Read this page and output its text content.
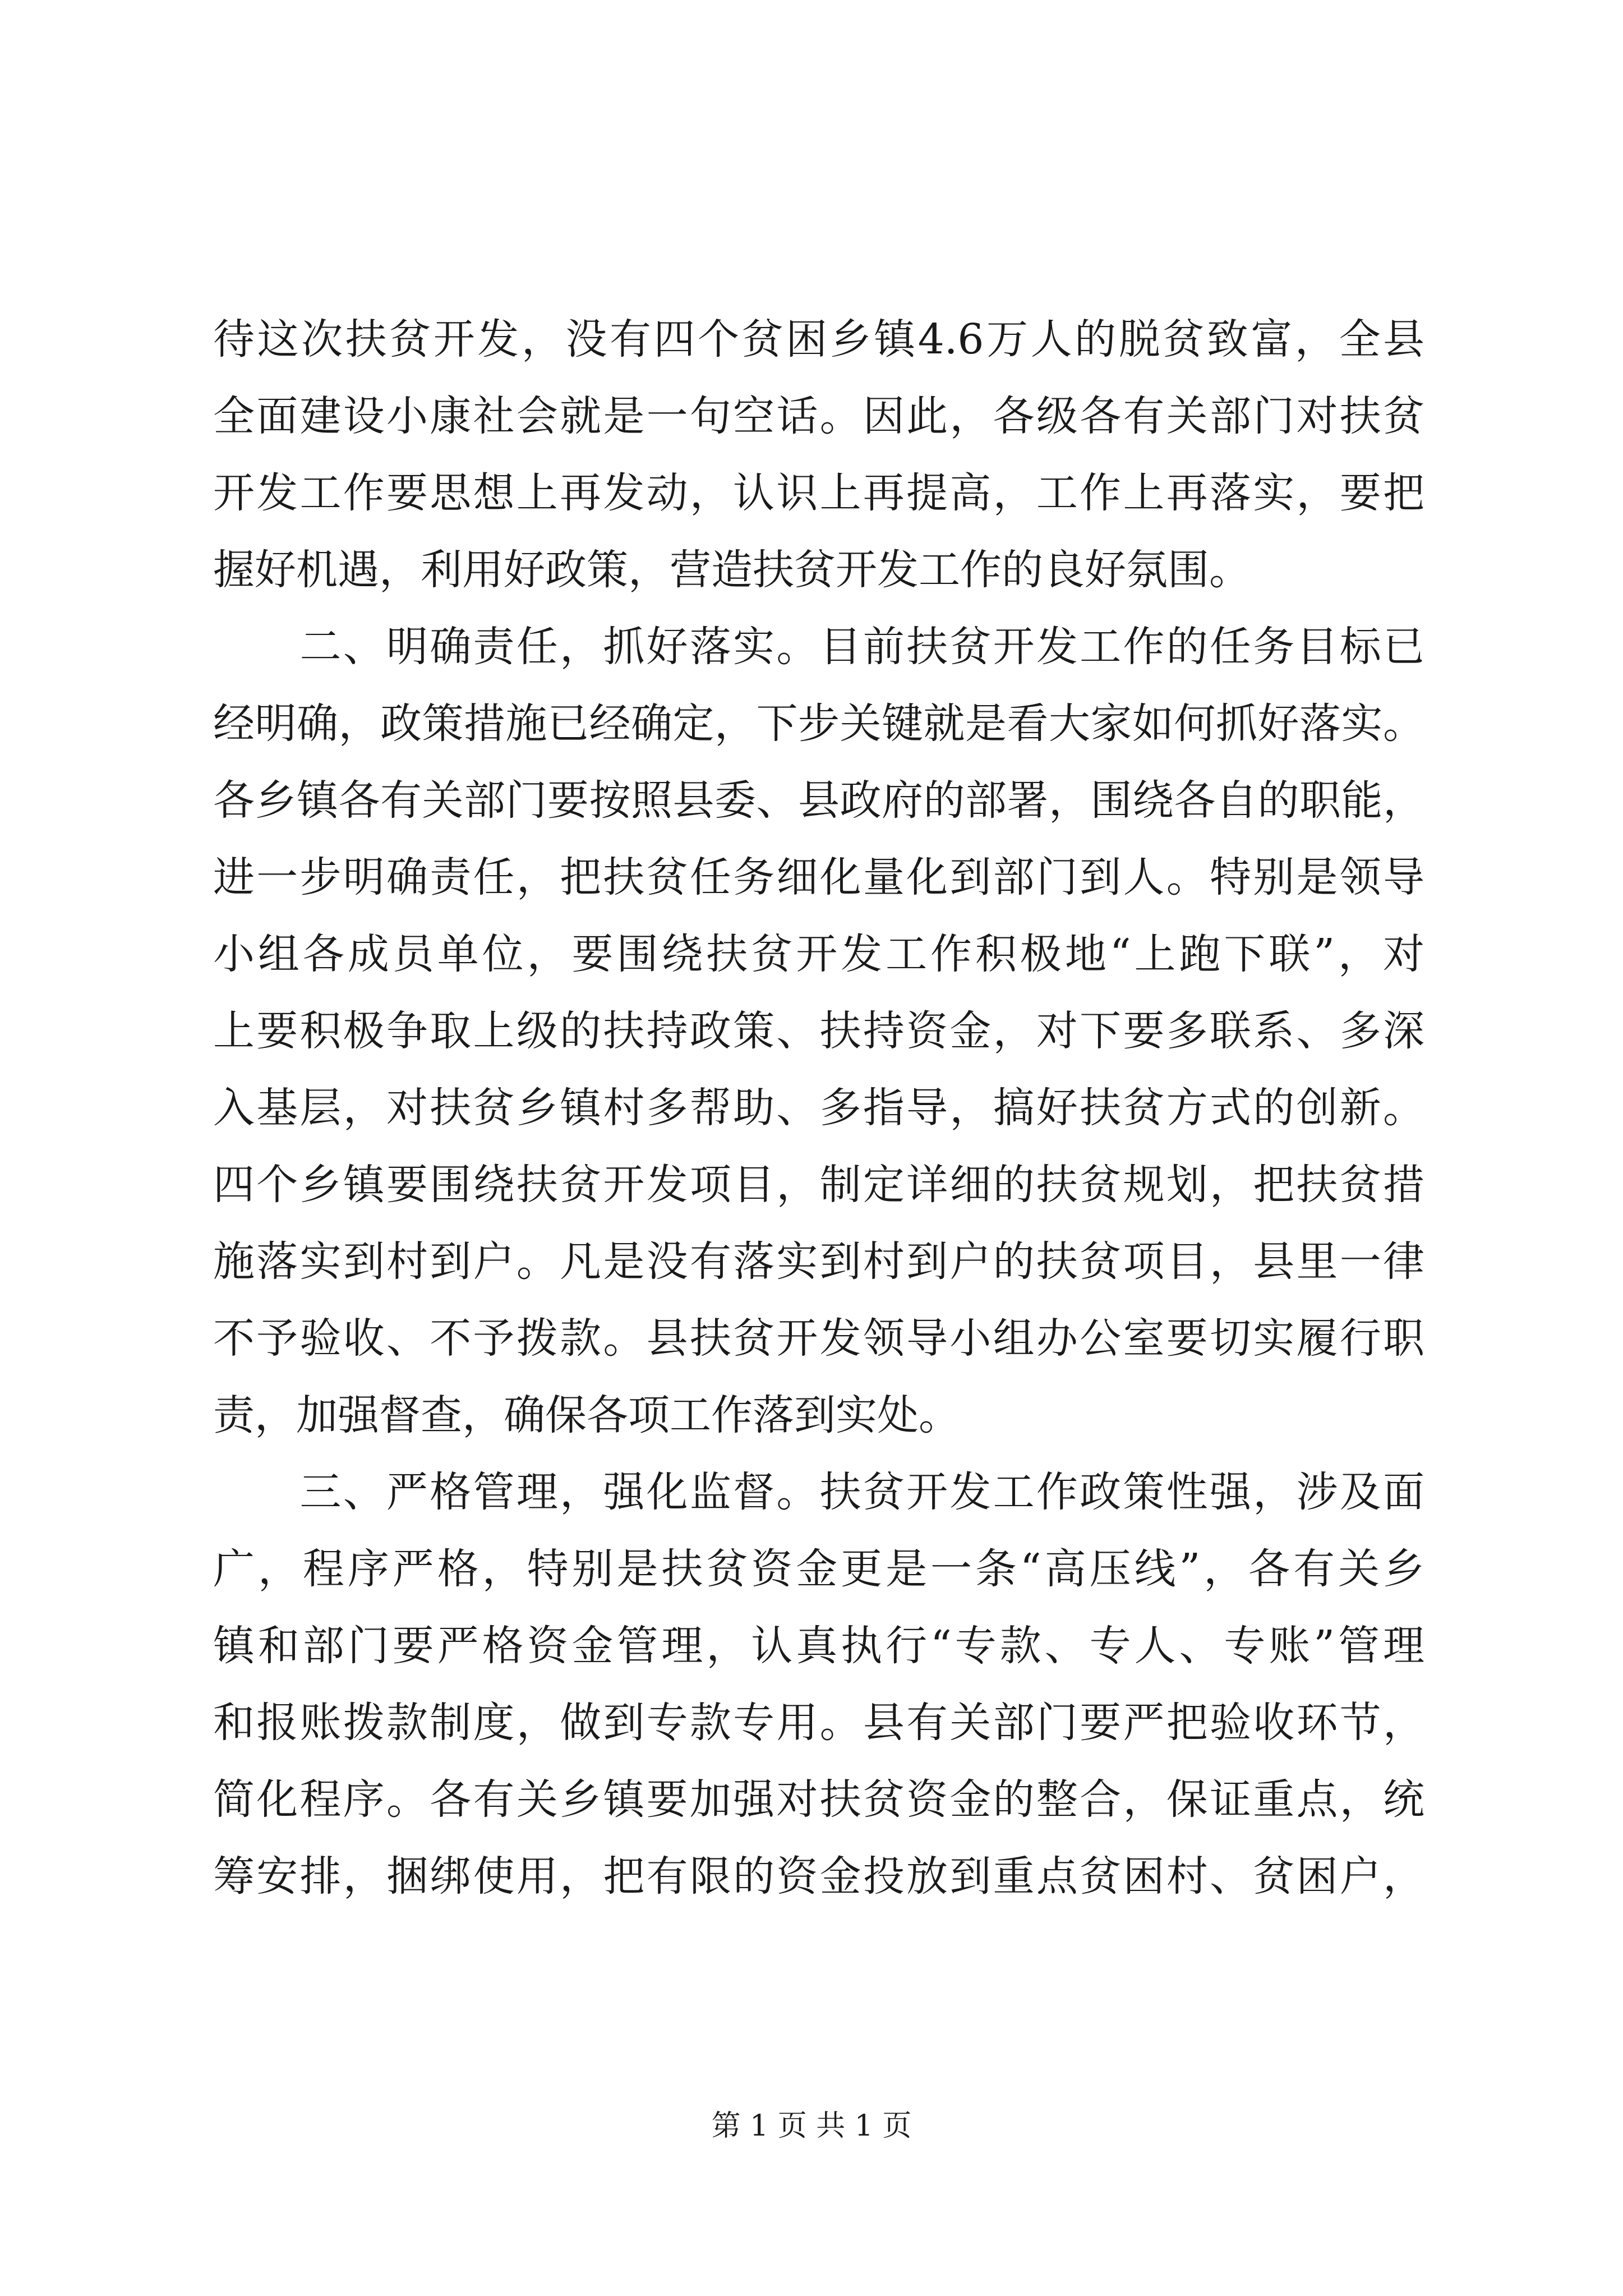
待这次扶贫开发，没有四个贫困乡镇4.6万人的脱贫致富，全县
全面建设小康社会就是一句空话。因此，各级各有关部门对扶贫
开发工作要思想上再发动，认识上再提高，工作上再落实，要把
握好机遇，利用好政策，营造扶贫开发工作的良好氛围。
　　二、明确责任，抓好落实。目前扶贫开发工作的任务目标已
经明确，政策措施已经确定，下步关键就是看大家如何抓好落实。
各乡镇各有关部门要按照县委、县政府的部署，围绕各自的职能，
进一步明确责任，把扶贫任务细化量化到部门到人。特别是领导
小组各成员单位，要围绕扶贫开发工作积极地“上跑下联”，对
上要积极争取上级的扶持政策、扶持资金，对下要多联系、多深
入基层，对扶贫乡镇村多帮助、多指导，搞好扶贫方式的创新。
四个乡镇要围绕扶贫开发项目，制定详细的扶贫规划，把扶贫措
施落实到村到户。凡是没有落实到村到户的扶贫项目，县里一律
不予验收、不予拨款。县扶贫开发领导小组办公室要切实履行职
责，加强督查，确保各项工作落到实处。
　　三、严格管理，强化监督。扶贫开发工作政策性强，涉及面
广，程序严格，特别是扶贫资金更是一条“高压线”，各有关乡
镇和部门要严格资金管理，认真执行“专款、专人、专账”管理
和报账拨款制度，做到专款专用。县有关部门要严把验收环节，
简化程序。各有关乡镇要加强对扶贫资金的整合，保证重点，统
筹安排，捆绑使用，把有限的资金投放到重点贫困村、贫困户，
第 1 页 共 1 页
